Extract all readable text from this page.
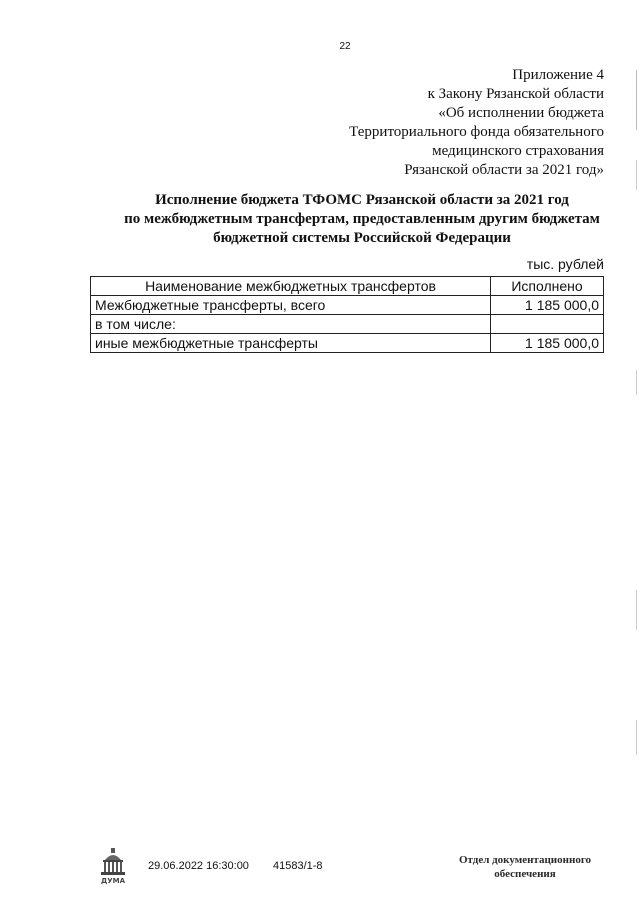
22
Приложение 4
к Закону Рязанской области
«Об исполнении бюджета
Территориального фонда обязательного
медицинского страхования
Рязанской области за 2021 год»
Исполнение бюджета ТФОМС Рязанской области за 2021 год
по межбюджетным трансфертам, предоставленным другим бюджетам
бюджетной системы Российской Федерации
тыс. рублей
Наименование межбюджетных трансфертов	Исполнено
Межбюджетные трансферты, всего	1 185 000,0
в том числе:	
иные межбюджетные трансферты	1 185 000,0
ДУМА
29.06.2022 16:30:00 41583/1-8	Отдел документационного
обеспечения
